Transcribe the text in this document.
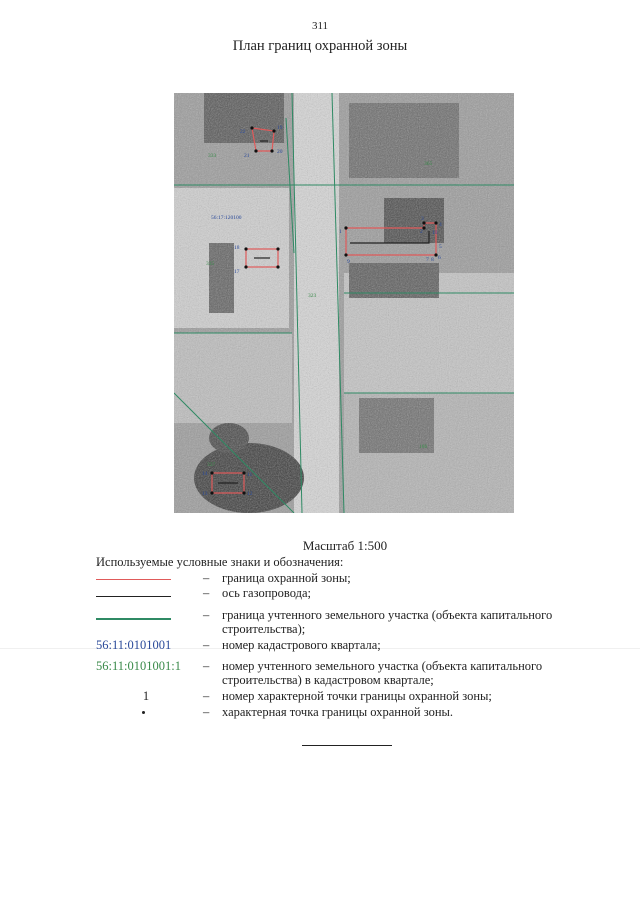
311
План границ охранной зоны
22
19
21
20
18
17
3
4
2
5
1
6
7 8
10
9
11
12
14
13
56:17:120100
323
333
365
335
186
337
Масштаб 1:500
Используемые условные знаки и обозначения:
– граница охранной зоны;
– ось газопровода;
– граница учтенного земельного участка (объекта капитального строительства);
56:11:0101001	– номер кадастрового квартала;
56:11:0101001:1 – номер учтенного земельного участка (объекта капитального строительства) в кадастровом квартале;
1	– номер характерной точки границы охранной зоны;
– характерная точка границы охранной зоны.
